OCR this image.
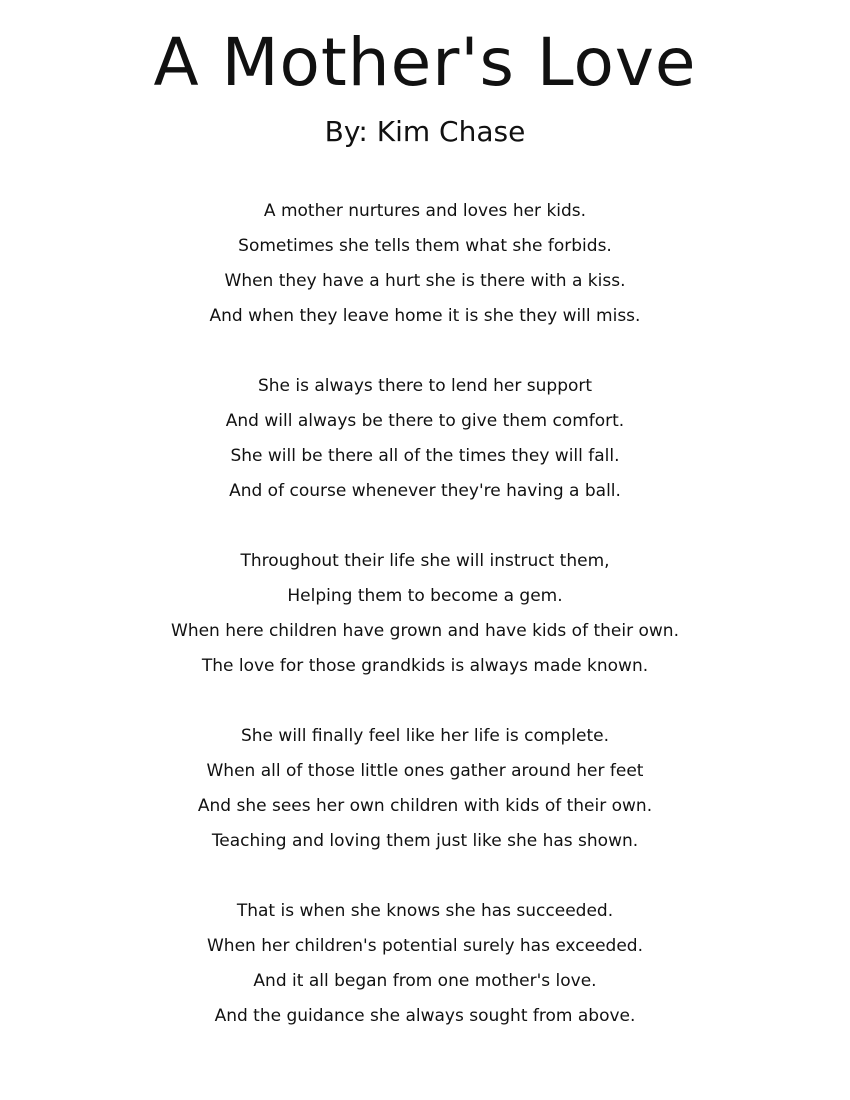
A Mother's Love
By: Kim Chase
A mother nurtures and loves her kids.
Sometimes she tells them what she forbids.
When they have a hurt she is there with a kiss.
And when they leave home it is she they will miss.
She is always there to lend her support
And will always be there to give them comfort.
She will be there all of the times they will fall.
And of course whenever they're having a ball.
Throughout their life she will instruct them,
Helping them to become a gem.
When here children have grown and have kids of their own.
The love for those grandkids is always made known.
She will finally feel like her life is complete.
When all of those little ones gather around her feet
And she sees her own children with kids of their own.
Teaching and loving them just like she has shown.
That is when she knows she has succeeded.
When her children's potential surely has exceeded.
And it all began from one mother's love.
And the guidance she always sought from above.
